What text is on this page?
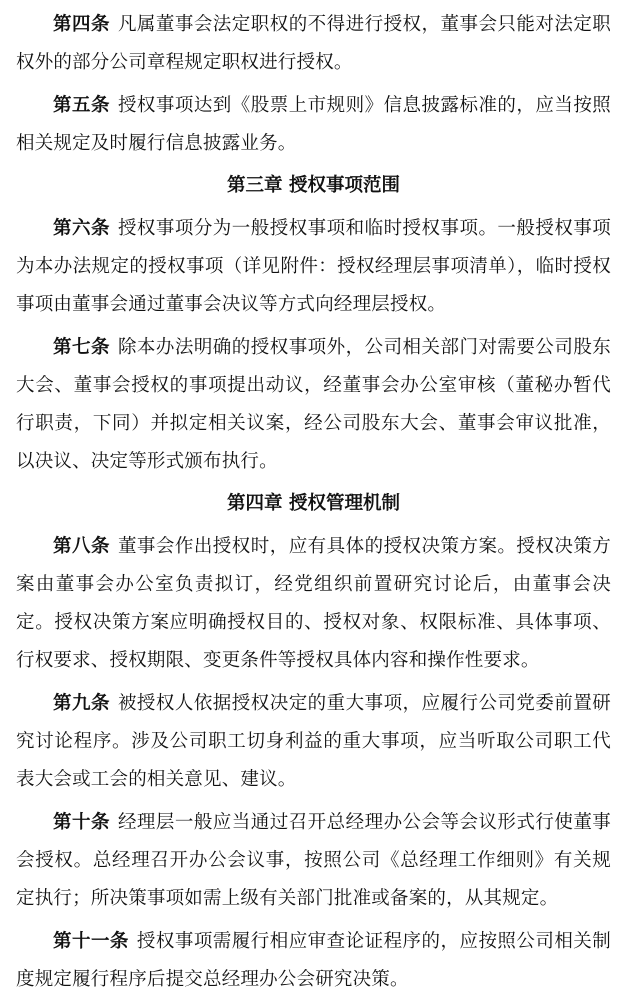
第四条 凡属董事会法定职权的不得进行授权，董事会只能对法定职权外的部分公司章程规定职权进行授权。

第五条 授权事项达到《股票上市规则》信息披露标准的，应当按照相关规定及时履行信息披露业务。

第三章 授权事项范围

第六条 授权事项分为一般授权事项和临时授权事项。一般授权事项为本办法规定的授权事项（详见附件：授权经理层事项清单），临时授权事项由董事会通过董事会决议等方式向经理层授权。

第七条 除本办法明确的授权事项外，公司相关部门对需要公司股东大会、董事会授权的事项提出动议，经董事会办公室审核（董秘办暂代行职责，下同）并拟定相关议案，经公司股东大会、董事会审议批准，以决议、决定等形式颁布执行。

第四章 授权管理机制

第八条 董事会作出授权时，应有具体的授权决策方案。授权决策方案由董事会办公室负责拟订，经党组织前置研究讨论后，由董事会决定。授权决策方案应明确授权目的、授权对象、权限标准、具体事项、行权要求、授权期限、变更条件等授权具体内容和操作性要求。

第九条 被授权人依据授权决定的重大事项，应履行公司党委前置研究讨论程序。涉及公司职工切身利益的重大事项，应当听取公司职工代表大会或工会的相关意见、建议。

第十条 经理层一般应当通过召开总经理办公会等会议形式行使董事会授权。总经理召开办公会议事，按照公司《总经理工作细则》有关规定执行；所决策事项如需上级有关部门批准或备案的，从其规定。

第十一条 授权事项需履行相应审查论证程序的，应按照公司相关制度规定履行程序后提交总经理办公会研究决策。
